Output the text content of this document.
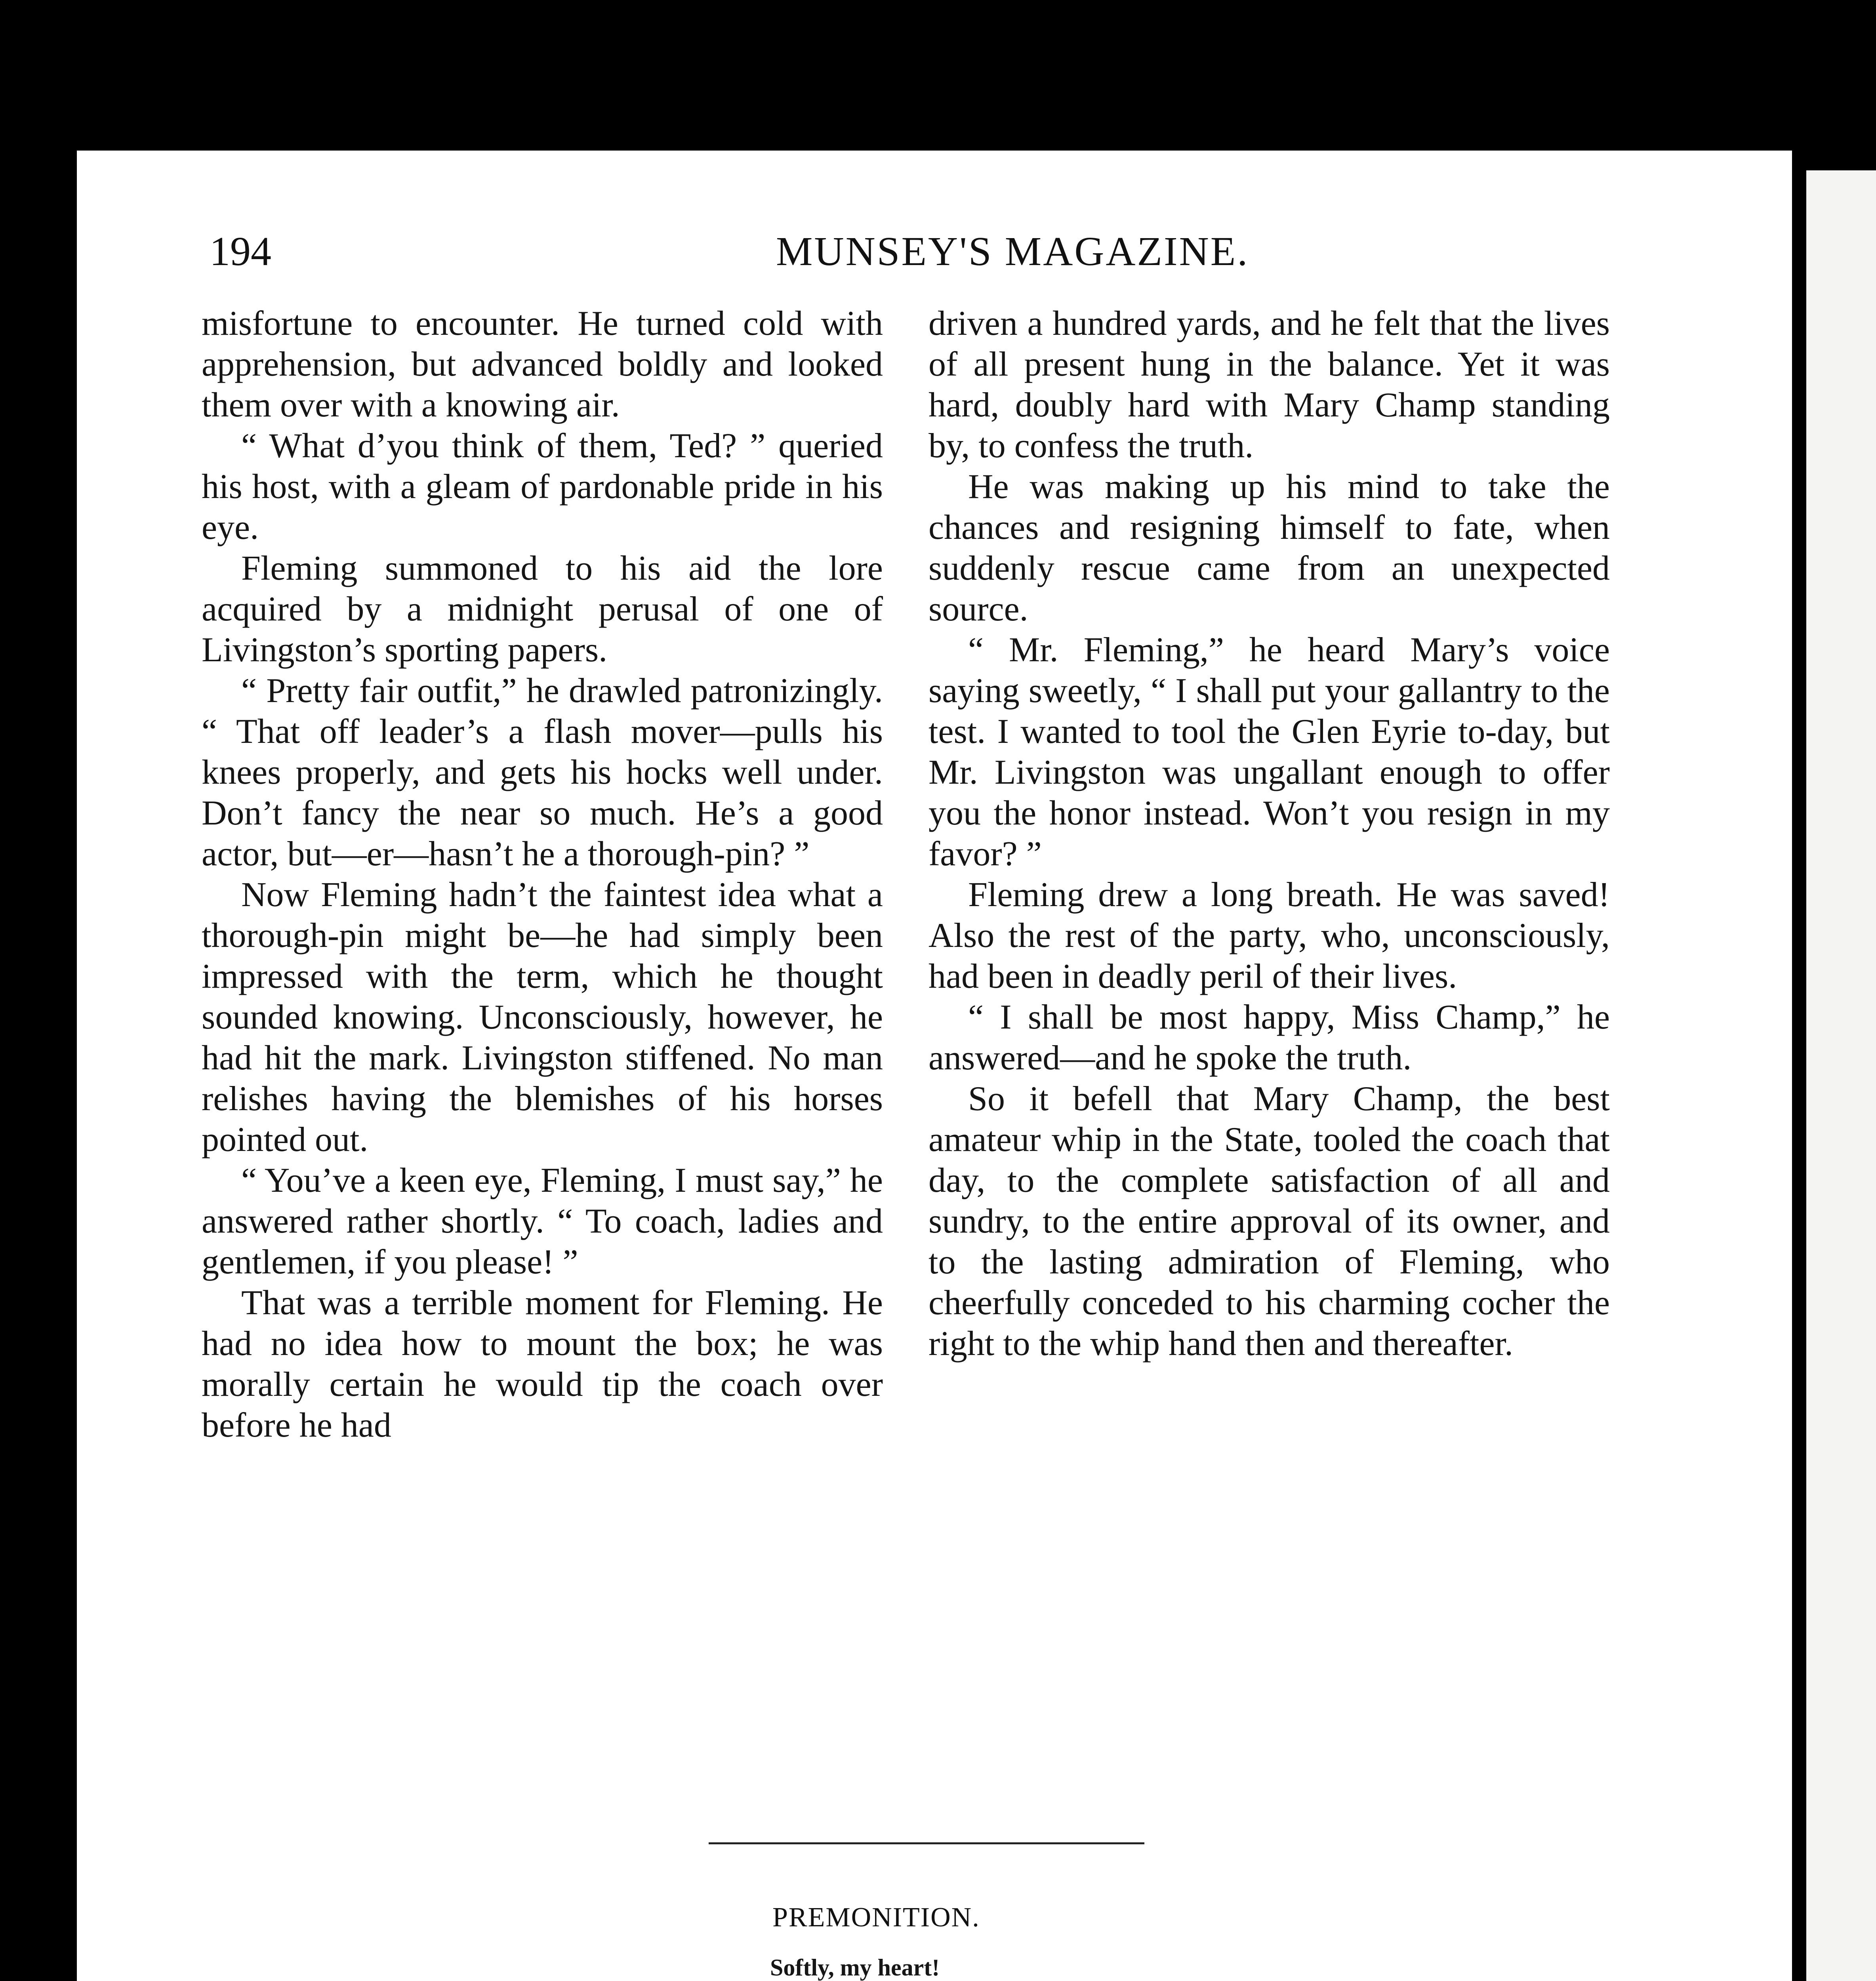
194	MUNSEY'S MAGAZINE.

misfortune to encounter. He turned cold with apprehension, but advanced boldly and looked them over with a knowing air.

“ What d’you think of them, Ted? ” queried his host, with a gleam of pardonable pride in his eye.

Fleming summoned to his aid the lore acquired by a midnight perusal of one of Livingston’s sporting papers.

“ Pretty fair outfit,” he drawled patronizingly. “ That off leader’s a flash mover—pulls his knees properly, and gets his hocks well under. Don’t fancy the near so much. He’s a good actor, but—er—hasn’t he a thorough-pin? ”

Now Fleming hadn’t the faintest idea what a thorough-pin might be—he had simply been impressed with the term, which he thought sounded knowing. Unconsciously, however, he had hit the mark. Livingston stiffened. No man relishes having the blemishes of his horses pointed out.

“ You’ve a keen eye, Fleming, I must say,” he answered rather shortly. “ To coach, ladies and gentlemen, if you please! ”

That was a terrible moment for Fleming. He had no idea how to mount the box; he was morally certain he would tip the coach over before he had

driven a hundred yards, and he felt that the lives of all present hung in the balance. Yet it was hard, doubly hard with Mary Champ standing by, to confess the truth.

He was making up his mind to take the chances and resigning himself to fate, when suddenly rescue came from an unexpected source.

“ Mr. Fleming,” he heard Mary’s voice saying sweetly, “ I shall put your gallantry to the test. I wanted to tool the Glen Eyrie to-day, but Mr. Livingston was ungallant enough to offer you the honor instead. Won’t you resign in my favor? ”

Fleming drew a long breath. He was saved! Also the rest of the party, who, unconsciously, had been in deadly peril of their lives.

“ I shall be most happy, Miss Champ,” he answered—and he spoke the truth.

So it befell that Mary Champ, the best amateur whip in the State, tooled the coach that day, to the complete satisfaction of all and sundry, to the entire approval of its owner, and to the lasting admiration of Fleming, who cheerfully conceded to his charming cocher the right to the whip hand then and thereafter.

PREMONITION.
Softly, my heart!
